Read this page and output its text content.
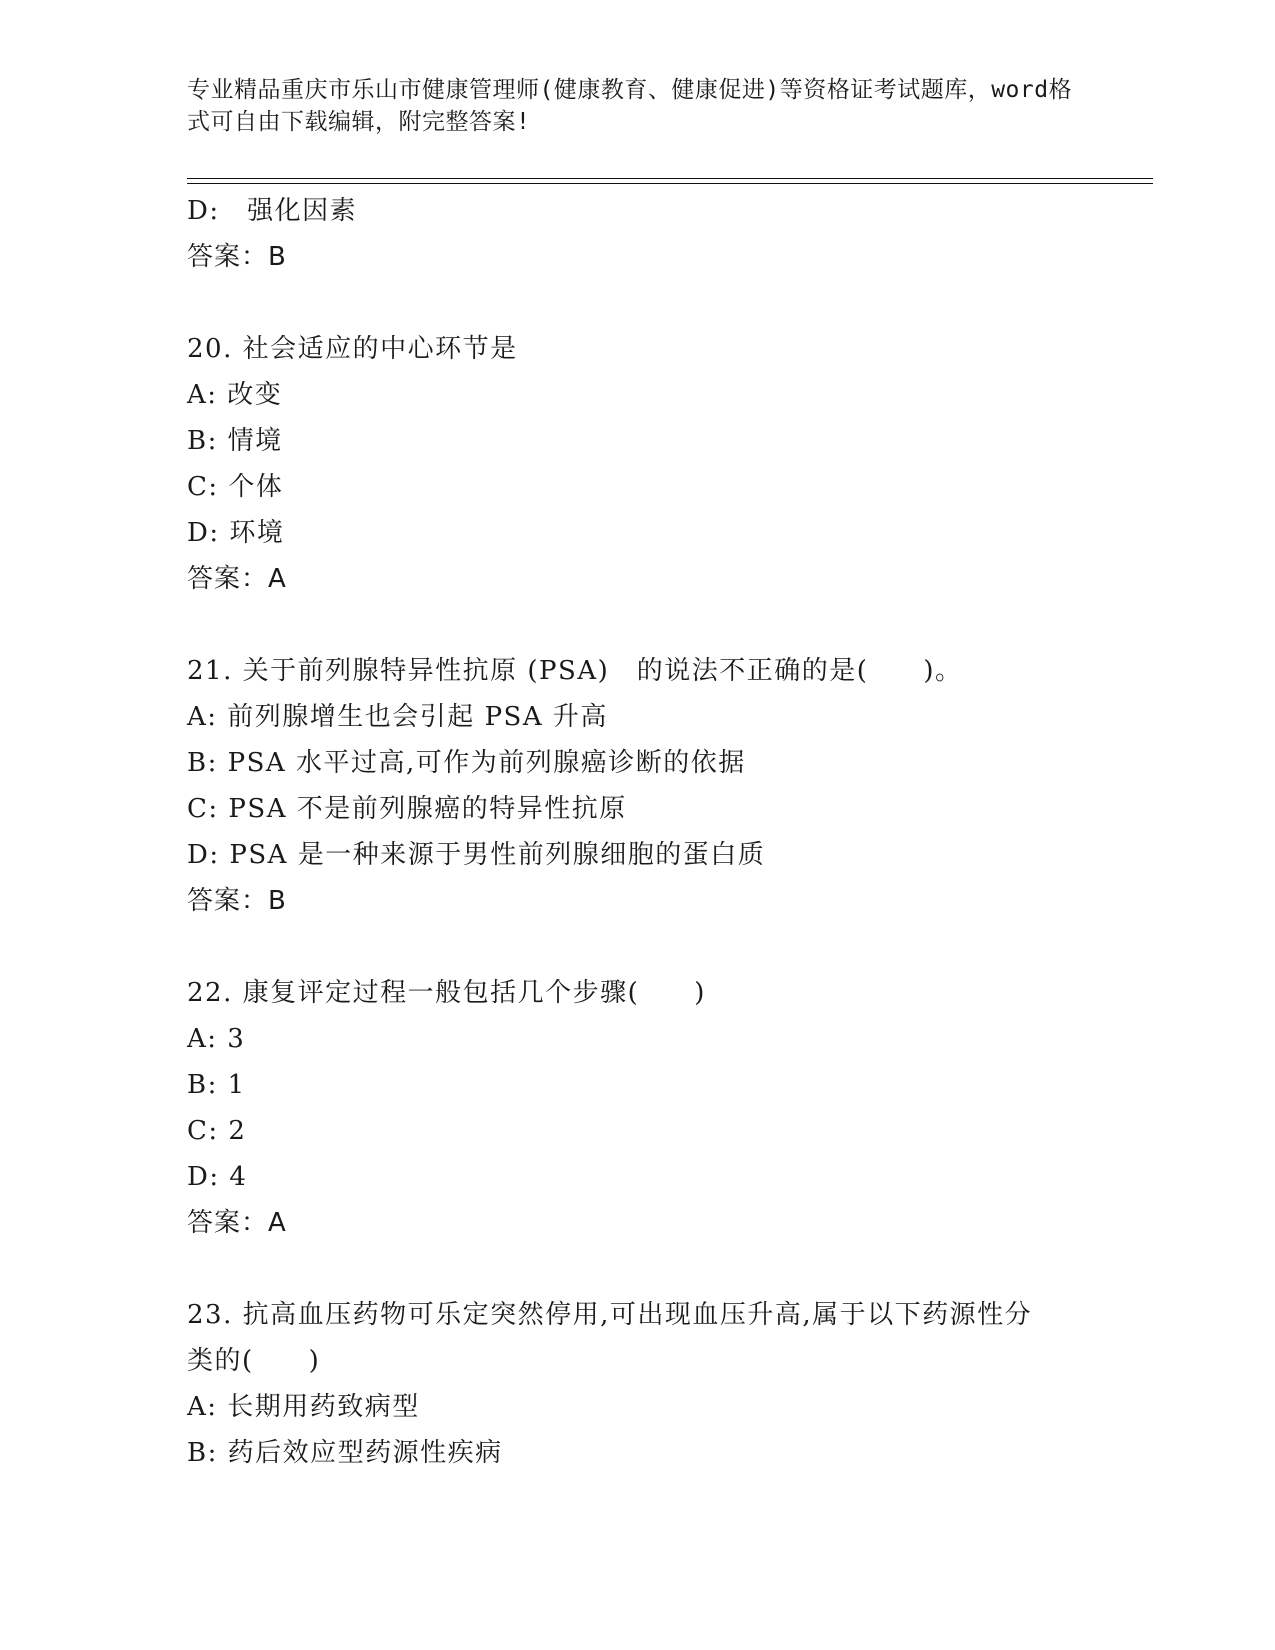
专业精品重庆市乐山市健康管理师(健康教育、健康促进)等资格证考试题库，word格式可自由下载编辑，附完整答案!
D:　强化因素
答案：B
20. 社会适应的中心环节是
A: 改变
B: 情境
C: 个体
D: 环境
答案：A
21. 关于前列腺特异性抗原 (PSA)　的说法不正确的是(　　)。
A: 前列腺增生也会引起 PSA 升高
B: PSA 水平过高,可作为前列腺癌诊断的依据
C: PSA 不是前列腺癌的特异性抗原
D: PSA 是一种来源于男性前列腺细胞的蛋白质
答案：B
22. 康复评定过程一般包括几个步骤(　　)
A: 3
B: 1
C: 2
D: 4
答案：A
23. 抗高血压药物可乐定突然停用,可出现血压升高,属于以下药源性分类的(　　)
A: 长期用药致病型
B: 药后效应型药源性疾病
